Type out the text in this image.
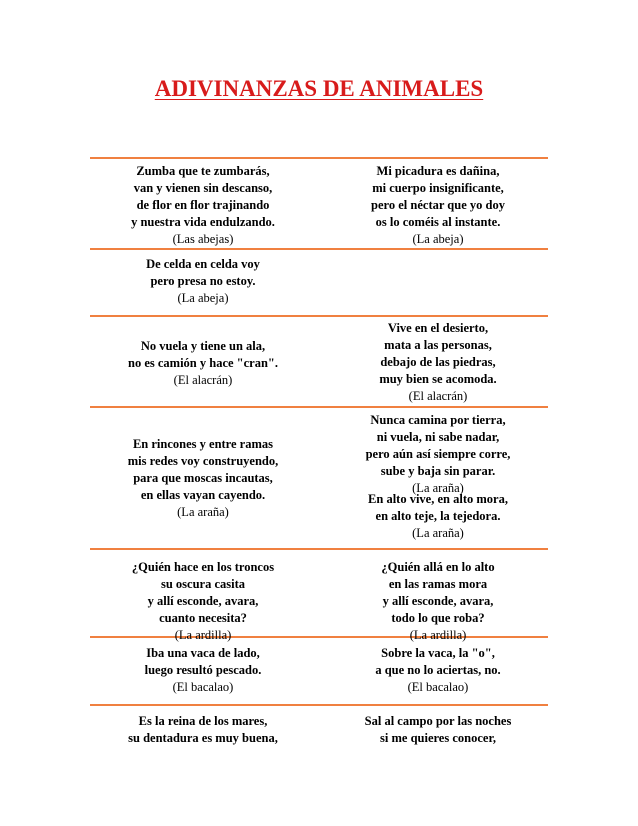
ADIVINANZAS DE ANIMALES
Zumba que te zumbarás,
van y vienen sin descanso,
de flor en flor trajinando
y nuestra vida endulzando.
(Las abejas)
Mi picadura es dañina,
mi cuerpo insignificante,
pero el néctar que yo doy
os lo coméis al instante.
(La abeja)
De celda en celda voy
pero presa no estoy.
(La abeja)
No vuela y tiene un ala,
no es camión y hace "cran".
(El alacrán)
Vive en el desierto,
mata a las personas,
debajo de las piedras,
muy bien se acomoda.
(El alacrán)
En rincones y entre ramas
mis redes voy construyendo,
para que moscas incautas,
en ellas vayan cayendo.
(La araña)
Nunca camina por tierra,
ni vuela, ni sabe nadar,
pero aún así siempre corre,
sube y baja sin parar.
(La araña)
En alto vive, en alto mora,
en alto teje, la tejedora.
(La araña)
¿Quién hace en los troncos
su oscura casita
y allí esconde, avara,
cuanto necesita?
(La ardilla)
¿Quién allá en lo alto
en las ramas mora
y allí esconde, avara,
todo lo que roba?
(La ardilla)
Iba una vaca de lado,
luego resultó pescado.
(El bacalao)
Sobre la vaca, la "o",
a que no lo aciertas, no.
(El bacalao)
Es la reina de los mares,
su dentadura es muy buena,
Sal al campo por las noches
si me quieres conocer,
